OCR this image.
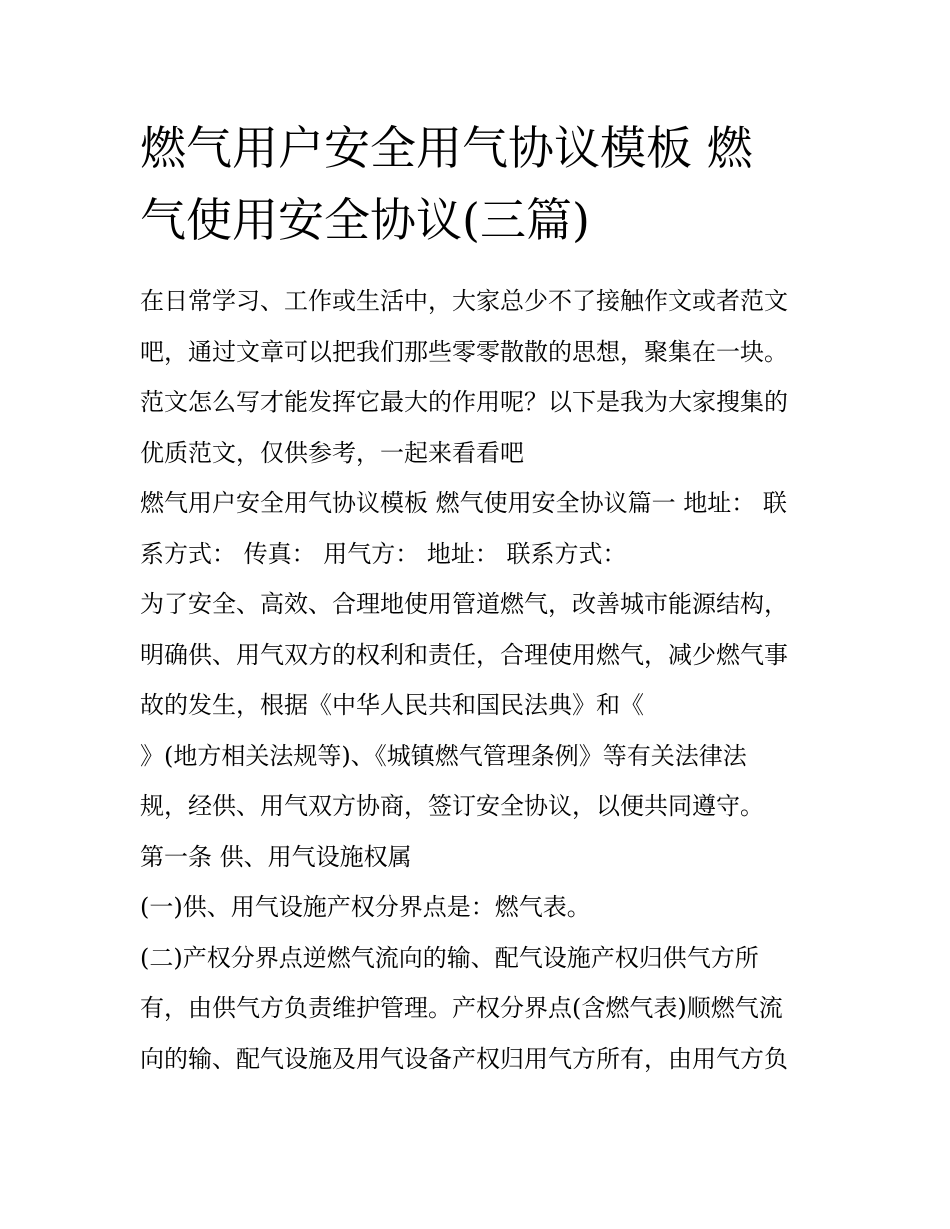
燃气用户安全用气协议模板 燃
气使用安全协议(三篇)
在日常学习、工作或生活中，大家总少不了接触作文或者范文
吧，通过文章可以把我们那些零零散散的思想，聚集在一块。
范文怎么写才能发挥它最大的作用呢？以下是我为大家搜集的
优质范文，仅供参考，一起来看看吧
燃气用户安全用气协议模板 燃气使用安全协议篇一 地址： 联
系方式： 传真： 用气方： 地址： 联系方式：
为了安全、高效、合理地使用管道燃气，改善城市能源结构，
明确供、用气双方的权利和责任，合理使用燃气，减少燃气事
故的发生，根据《中华人民共和国民法典》和《
》(地方相关法规等)、《城镇燃气管理条例》等有关法律法
规，经供、用气双方协商，签订安全协议，以便共同遵守。
第一条 供、用气设施权属
(一)供、用气设施产权分界点是：燃气表。
(二)产权分界点逆燃气流向的输、配气设施产权归供气方所
有，由供气方负责维护管理。产权分界点(含燃气表)顺燃气流
向的输、配气设施及用气设备产权归用气方所有，由用气方负
